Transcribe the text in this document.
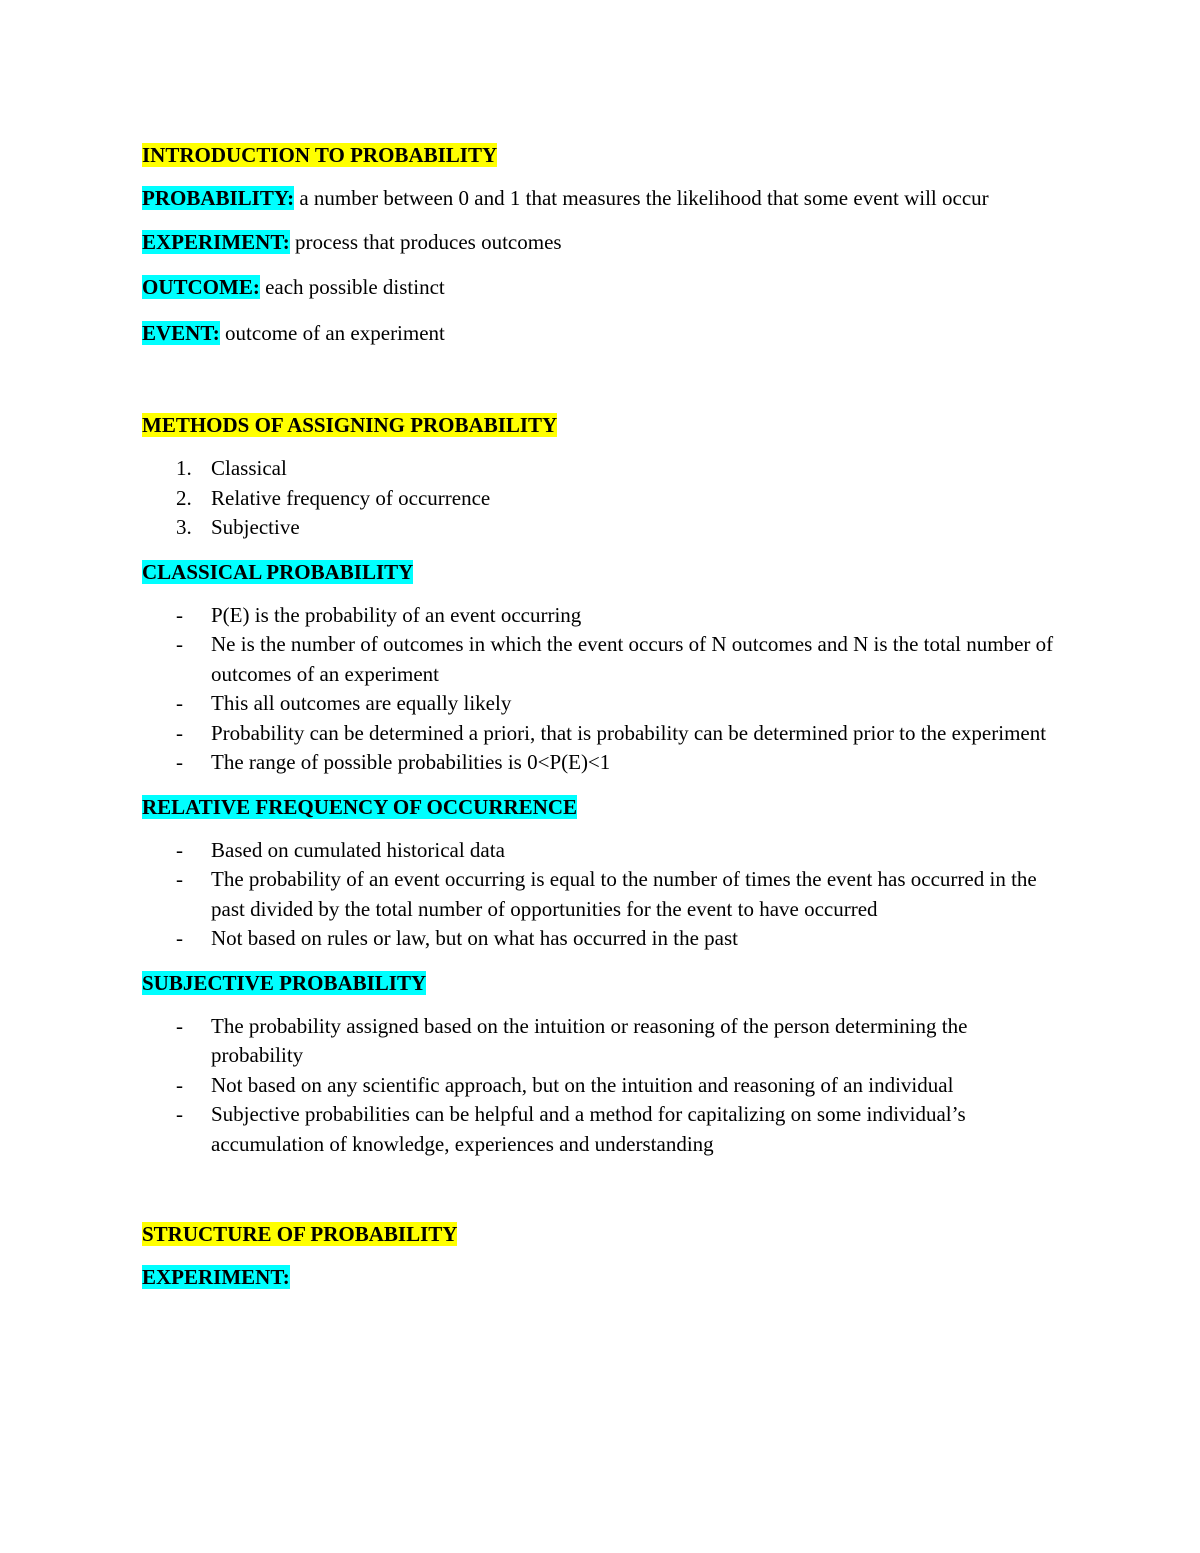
INTRODUCTION TO PROBABILITY

PROBABILITY: a number between 0 and 1 that measures the likelihood that some event will occur

EXPERIMENT: process that produces outcomes

OUTCOME: each possible distinct

EVENT: outcome of an experiment

METHODS OF ASSIGNING PROBABILITY

1. Classical
2. Relative frequency of occurrence
3. Subjective

CLASSICAL PROBABILITY

- P(E) is the probability of an event occurring
- Ne is the number of outcomes in which the event occurs of N outcomes and N is the total number of outcomes of an experiment
- This all outcomes are equally likely
- Probability can be determined a priori, that is probability can be determined prior to the experiment
- The range of possible probabilities is 0<P(E)<1

RELATIVE FREQUENCY OF OCCURRENCE

- Based on cumulated historical data
- The probability of an event occurring is equal to the number of times the event has occurred in the past divided by the total number of opportunities for the event to have occurred
- Not based on rules or law, but on what has occurred in the past

SUBJECTIVE PROBABILITY

- The probability assigned based on the intuition or reasoning of the person determining the probability
- Not based on any scientific approach, but on the intuition and reasoning of an individual
- Subjective probabilities can be helpful and a method for capitalizing on some individual’s accumulation of knowledge, experiences and understanding

STRUCTURE OF PROBABILITY

EXPERIMENT:
